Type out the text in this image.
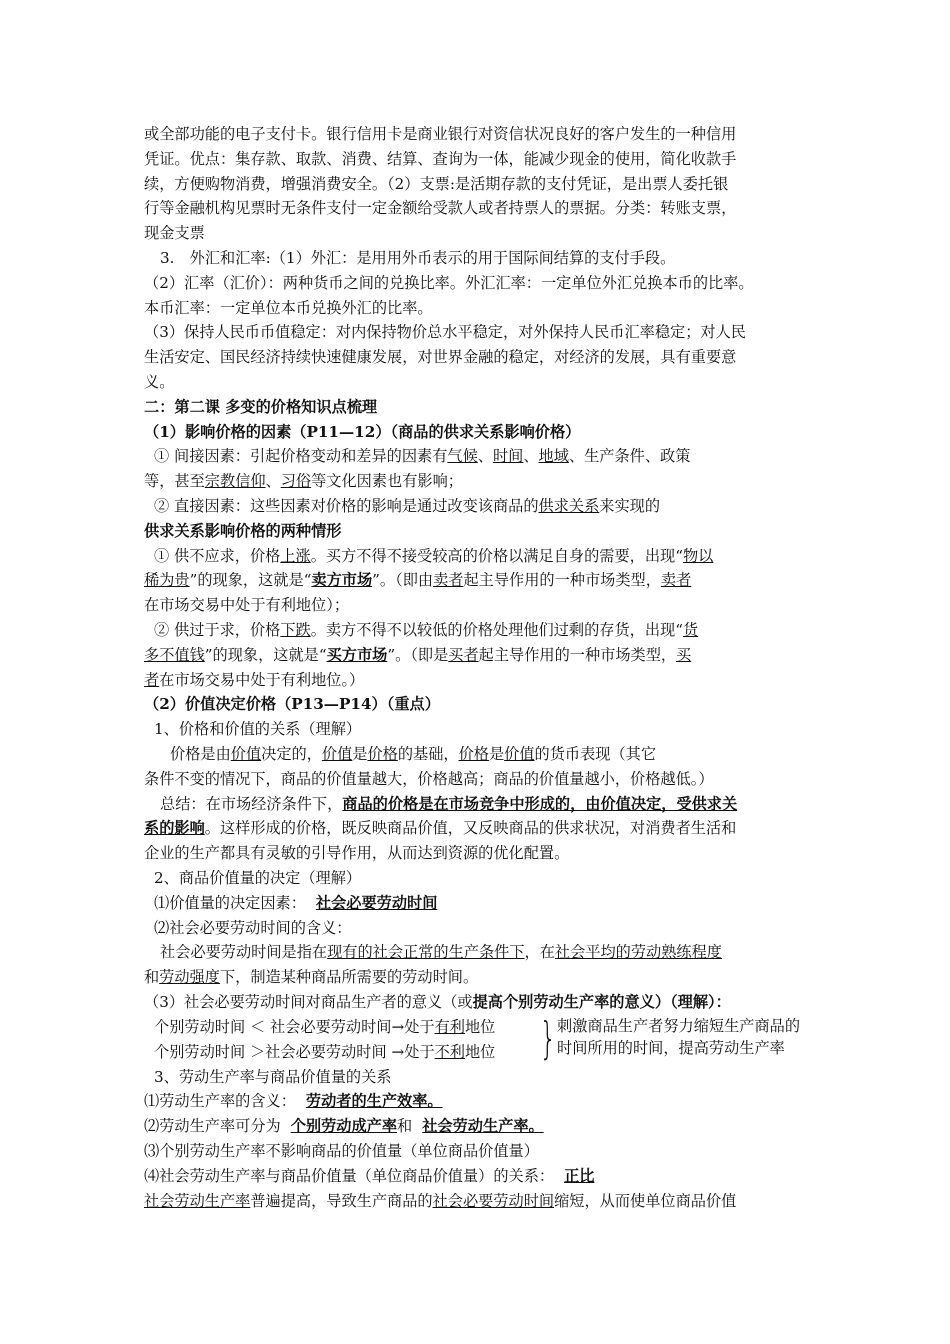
或全部功能的电子支付卡。银行信用卡是商业银行对资信状况良好的客户发生的一种信用
凭证。优点：集存款、取款、消费、结算、查询为一体，能减少现金的使用，简化收款手
续，方便购物消费，增强消费安全。（2）支票:是活期存款的支付凭证，是出票人委托银
行等金融机构见票时无条件支付一定金额给受款人或者持票人的票据。分类：转账支票，
现金支票
3.　外汇和汇率:（1）外汇：是用用外币表示的用于国际间结算的支付手段。
（2）汇率（汇价）：两种货币之间的兑换比率。外汇汇率：一定单位外汇兑换本币的比率。
本币汇率：一定单位本币兑换外汇的比率。
（3）保持人民币币值稳定：对内保持物价总水平稳定，对外保持人民币汇率稳定；对人民
生活安定、国民经济持续快速健康发展，对世界金融的稳定，对经济的发展，具有重要意
义。
二：第二课 多变的价格知识点梳理
（1）影响价格的因素（P11—12）（商品的供求关系影响价格）
① 间接因素：引起价格变动和差异的因素有气候、时间、地域、生产条件、政策
等，甚至宗教信仰、习俗等文化因素也有影响；
② 直接因素：这些因素对价格的影响是通过改变该商品的供求关系来实现的
供求关系影响价格的两种情形
① 供不应求，价格上涨。买方不得不接受较高的价格以满足自身的需要，出现“物以
稀为贵”的现象，这就是“卖方市场”。（即由卖者起主导作用的一种市场类型，卖者
在市场交易中处于有利地位）；
② 供过于求，价格下跌。卖方不得不以较低的价格处理他们过剩的存货，出现“货
多不值钱”的现象，这就是“买方市场”。（即是买者起主导作用的一种市场类型，买
者在市场交易中处于有利地位。）
（2）价值决定价格（P13—P14）（重点）
1、价格和价值的关系（理解）
价格是由价值决定的，价值是价格的基础，价格是价值的货币表现（其它
条件不变的情况下，商品的价值量越大，价格越高；商品的价值量越小，价格越低。）
总结：在市场经济条件下，商品的价格是在市场竞争中形成的，由价值决定，受供求关
系的影响。这样形成的价格，既反映商品价值，又反映商品的供求状况，对消费者生活和
企业的生产都具有灵敏的引导作用，从而达到资源的优化配置。
2、商品价值量的决定（理解）
⑴价值量的决定因素： 社会必要劳动时间
⑵社会必要劳动时间的含义：
社会必要劳动时间是指在现有的社会正常的生产条件下，在社会平均的劳动熟练程度
和劳动强度下，制造某种商品所需要的劳动时间。
（3）社会必要劳动时间对商品生产者的意义（或提高个别劳动生产率的意义）（理解）：
个别劳动时间 ＜ 社会必要劳动时间→处于有利地位
个别劳动时间 ＞社会必要劳动时间 →处于不利地位 } 刺激商品生产者努力缩短生产商品的
时间所用的时间，提高劳动生产率
3、劳动生产率与商品价值量的关系
⑴劳动生产率的含义： 劳动者的生产效率。
⑵劳动生产率可分为 个别劳动成产率和 社会劳动生产率。
⑶个别劳动生产率不影响商品的价值量（单位商品价值量）
⑷社会劳动生产率与商品价值量（单位商品价值量）的关系： 正比
社会劳动生产率普遍提高，导致生产商品的社会必要劳动时间缩短，从而使单位商品价值
